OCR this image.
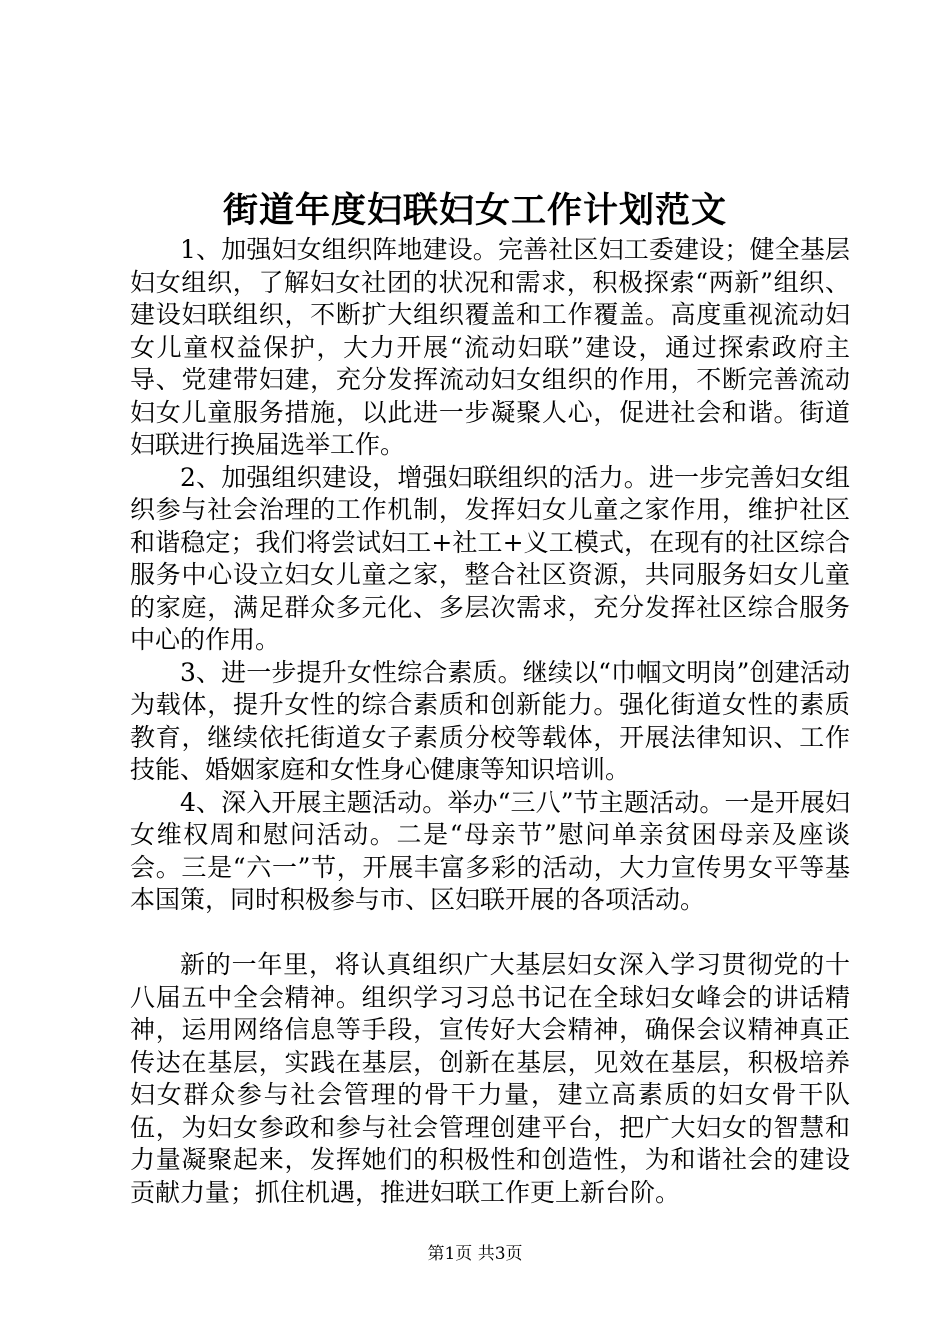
街道年度妇联妇女工作计划范文

1、加强妇女组织阵地建设。完善社区妇工委建设；健全基层妇女组织，了解妇女社团的状况和需求，积极探索“两新”组织、建设妇联组织，不断扩大组织覆盖和工作覆盖。高度重视流动妇女儿童权益保护，大力开展“流动妇联”建设，通过探索政府主导、党建带妇建，充分发挥流动妇女组织的作用，不断完善流动妇女儿童服务措施，以此进一步凝聚人心，促进社会和谐。街道妇联进行换届选举工作。

2、加强组织建设，增强妇联组织的活力。进一步完善妇女组织参与社会治理的工作机制，发挥妇女儿童之家作用，维护社区和谐稳定；我们将尝试妇工+社工+义工模式，在现有的社区综合服务中心设立妇女儿童之家，整合社区资源，共同服务妇女儿童的家庭，满足群众多元化、多层次需求，充分发挥社区综合服务中心的作用。

3、进一步提升女性综合素质。继续以“巾帼文明岗”创建活动为载体，提升女性的综合素质和创新能力。强化街道女性的素质教育，继续依托街道女子素质分校等载体，开展法律知识、工作技能、婚姻家庭和女性身心健康等知识培训。

4、深入开展主题活动。举办“三八”节主题活动。一是开展妇女维权周和慰问活动。二是“母亲节”慰问单亲贫困母亲及座谈会。三是“六一”节，开展丰富多彩的活动，大力宣传男女平等基本国策，同时积极参与市、区妇联开展的各项活动。

新的一年里，将认真组织广大基层妇女深入学习贯彻党的十八届五中全会精神。组织学习习总书记在全球妇女峰会的讲话精神，运用网络信息等手段，宣传好大会精神，确保会议精神真正传达在基层，实践在基层，创新在基层，见效在基层，积极培养妇女群众参与社会管理的骨干力量，建立高素质的妇女骨干队伍，为妇女参政和参与社会管理创建平台，把广大妇女的智慧和力量凝聚起来，发挥她们的积极性和创造性，为和谐社会的建设贡献力量；抓住机遇，推进妇联工作更上新台阶。

第1页 共3页
